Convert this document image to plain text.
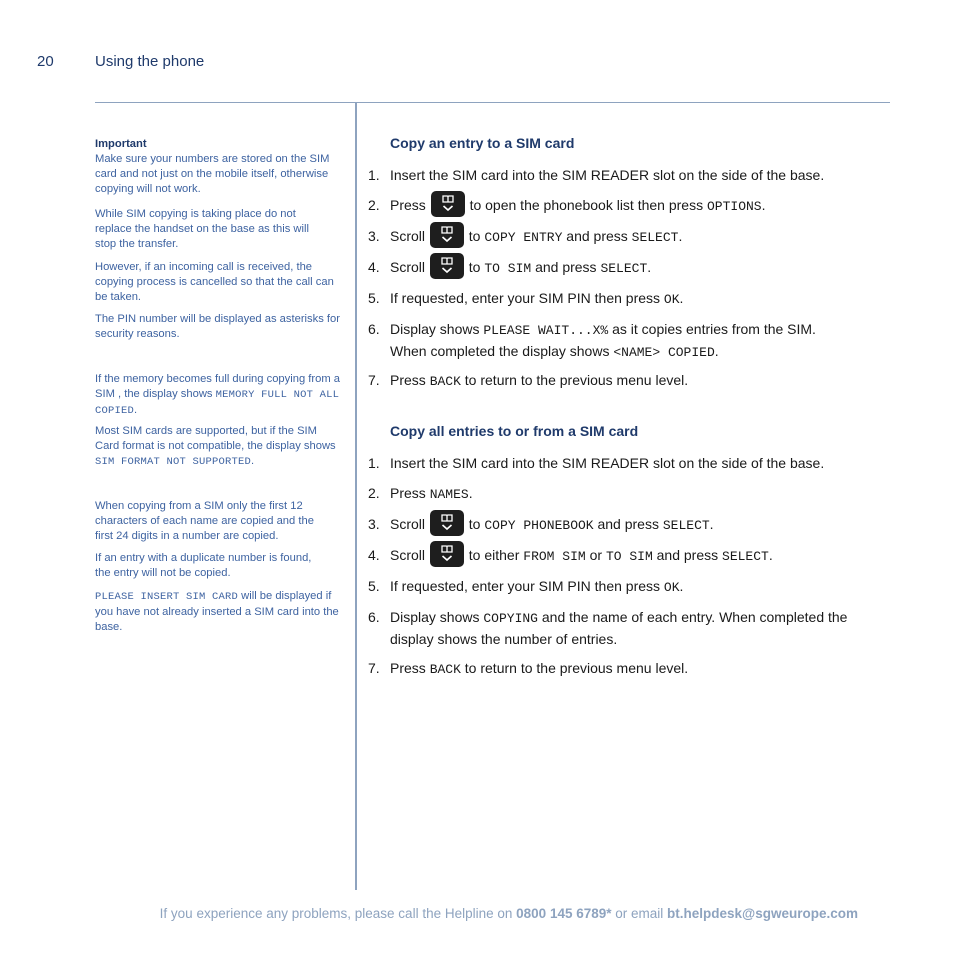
20	Using the phone

Important
Make sure your numbers are stored on the SIM card and not just on the mobile itself, otherwise copying will not work.

While SIM copying is taking place do not replace the handset on the base as this will stop the transfer.

However, if an incoming call is received, the copying process is cancelled so that the call can be taken.

The PIN number will be displayed as asterisks for security reasons.

If the memory becomes full during copying from a SIM , the display shows MEMORY FULL NOT ALL COPIED.

Most SIM cards are supported, but if the SIM Card format is not compatible, the display shows SIM FORMAT NOT SUPPORTED.

When copying from a SIM only the first 12 characters of each name are copied and the first 24 digits in a number are copied.

If an entry with a duplicate number is found, the entry will not be copied.

PLEASE INSERT SIM CARD will be displayed if you have not already inserted a SIM card into the base.

Copy an entry to a SIM card
1. Insert the SIM card into the SIM READER slot on the side of the base.
2. Press	to open the phonebook list then press OPTIONS.
3. Scroll	to COPY ENTRY and press SELECT.
4. Scroll	to TO SIM and press SELECT.
5. If requested, enter your SIM PIN then press OK.
6. Display shows PLEASE WAIT...X% as it copies entries from the SIM.
When completed the display shows <NAME> COPIED.
7. Press BACK to return to the previous menu level.
Copy all entries to or from a SIM card
1. Insert the SIM card into the SIM READER slot on the side of the base.
2. Press NAMES.
3. Scroll	to COPY PHONEBOOK and press SELECT.
4. Scroll	to either FROM SIM or TO SIM and press SELECT.
5. If requested, enter your SIM PIN then press OK.
6. Display shows COPYING and the name of each entry. When completed the display shows the number of entries.
7. Press BACK to return to the previous menu level.
If you experience any problems, please call the Helpline on 0800 145 6789* or email bt.helpdesk@sgweurope.com
